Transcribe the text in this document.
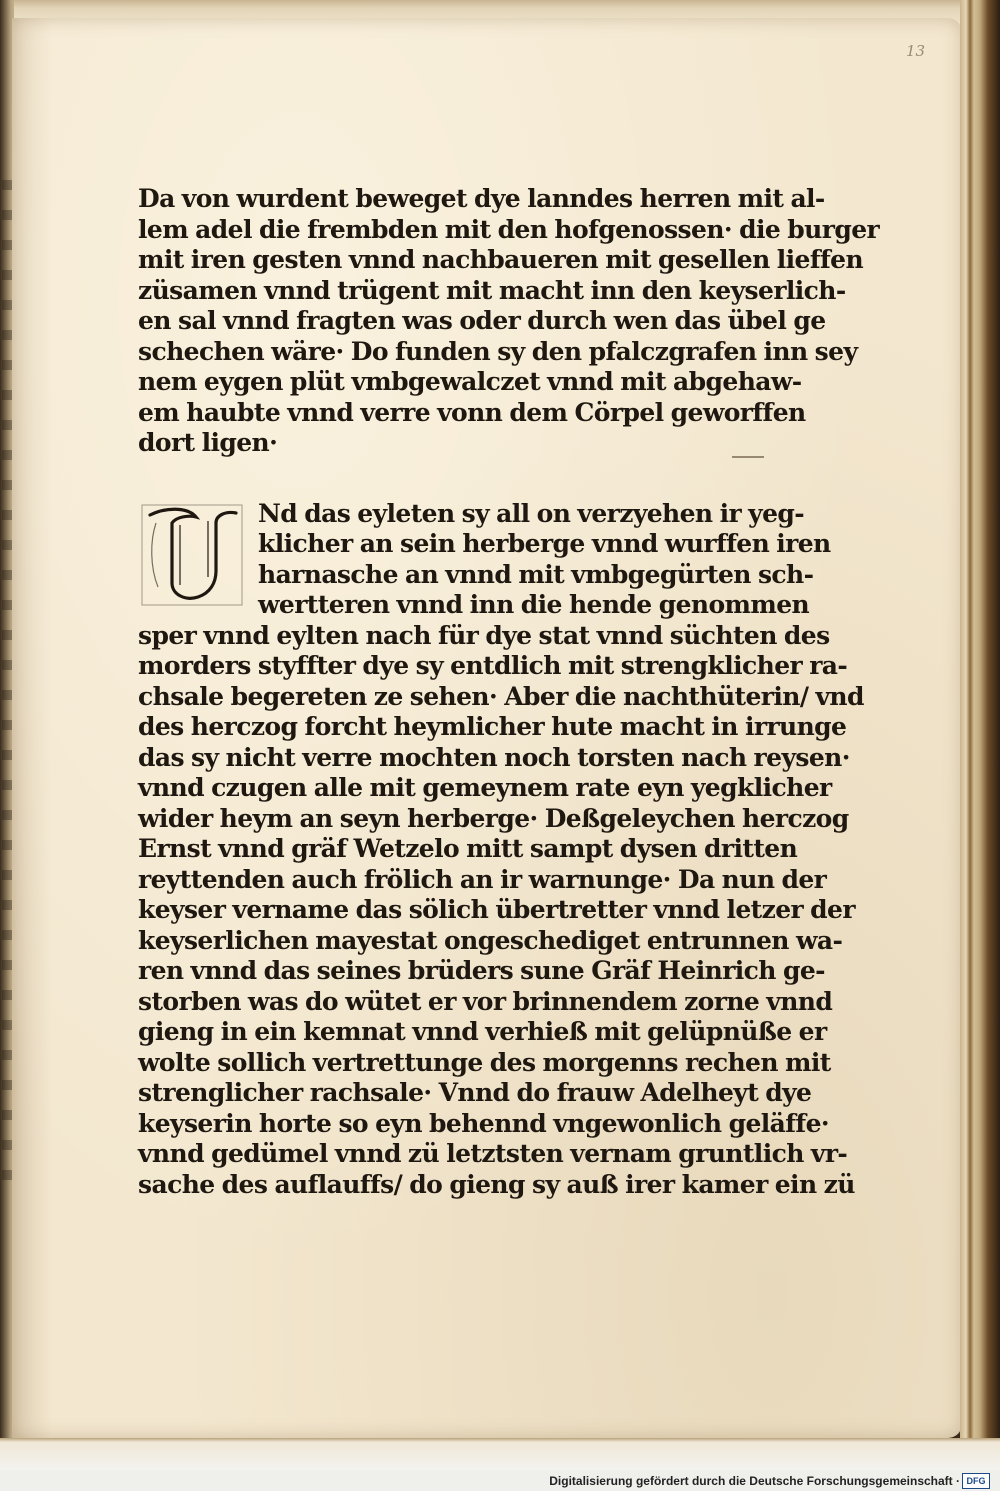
13
Da von wurdent beweget dye lanndes herren mit al-
lem adel die frembden mit den hofgenossen· die burger
mit iren gesten vnnd nachbaueren mit gesellen lieffen
züsamen vnnd trügent mit macht inn den keyserlich-
en sal vnnd fragten was oder durch wen das übel ge
schechen wäre· Do funden sy den pfalczgrafen inn sey
nem eygen plüt vmbgewalczet vnnd mit abgehaw-
em haubte vnnd verre vonn dem Cörpel geworffen
dort ligen·
Nd das eyleten sy all on verzyehen ir yeg-
klicher an sein herberge vnnd wurffen iren
harnasche an vnnd mit vmbgegürten sch-
wertteren vnnd inn die hende genommen
sper vnnd eylten nach für dye stat vnnd süchten des
morders styffter dye sy entdlich mit strengklicher ra-
chsale begereten ze sehen· Aber die nachthüterin/ vnd
des herczog forcht heymlicher hute macht in irrunge
das sy nicht verre mochten noch torsten nach reysen·
vnnd czugen alle mit gemeynem rate eyn yegklicher
wider heym an seyn herberge· Deßgeleychen herczog
Ernst vnnd gräf Wetzelo mitt sampt dysen dritten
reyttenden auch frölich an ir warnunge· Da nun der
keyser vername das sölich übertretter vnnd letzer der
keyserlichen mayestat ongeschediget entrunnen wa-
ren vnnd das seines brüders sune Gräf Heinrich ge-
storben was do wütet er vor brinnendem zorne vnnd
gieng in ein kemnat vnnd verhieß mit gelüpnüße er
wolte sollich vertrettunge des morgenns rechen mit
strenglicher rachsale· Vnnd do frauw Adelheyt dye
keyserin horte so eyn behennd vngewonlich geläffe·
vnnd gedümel vnnd zü letztsten vernam gruntlich vr-
sache des auflauffs/ do gieng sy auß irer kamer ein zü
Digitalisierung gefördert durch die Deutsche Forschungsgemeinschaft · DFG
